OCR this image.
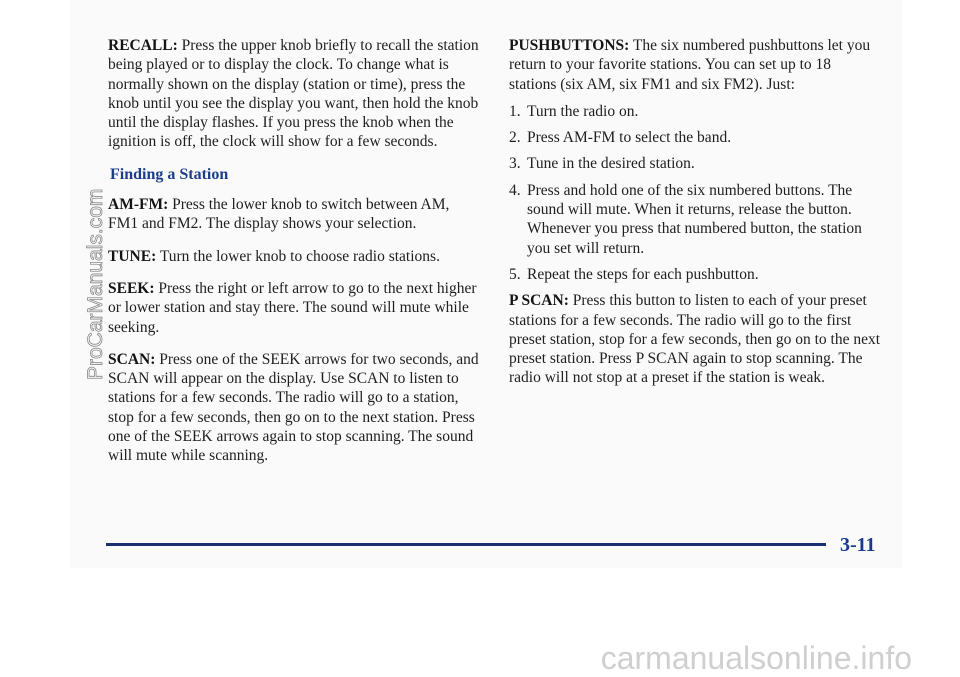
RECALL: Press the upper knob briefly to recall the station being played or to display the clock. To change what is normally shown on the display (station or time), press the knob until you see the display you want, then hold the knob until the display flashes. If you press the knob when the ignition is off, the clock will show for a few seconds.

Finding a Station

AM-FM: Press the lower knob to switch between AM, FM1 and FM2. The display shows your selection.

TUNE: Turn the lower knob to choose radio stations.

SEEK: Press the right or left arrow to go to the next higher or lower station and stay there. The sound will mute while seeking.

SCAN: Press one of the SEEK arrows for two seconds, and SCAN will appear on the display. Use SCAN to listen to stations for a few seconds. The radio will go to a station, stop for a few seconds, then go on to the next station. Press one of the SEEK arrows again to stop scanning. The sound will mute while scanning.

PUSHBUTTONS: The six numbered pushbuttons let you return to your favorite stations. You can set up to 18 stations (six AM, six FM1 and six FM2). Just:

1. Turn the radio on.
2. Press AM-FM to select the band.
3. Tune in the desired station.
4. Press and hold one of the six numbered buttons. The sound will mute. When it returns, release the button. Whenever you press that numbered button, the station you set will return.
5. Repeat the steps for each pushbutton.

P SCAN: Press this button to listen to each of your preset stations for a few seconds. The radio will go to the first preset station, stop for a few seconds, then go on to the next preset station. Press P SCAN again to stop scanning. The radio will not stop at a preset if the station is weak.

3-11
ProCarManuals.com
carmanualsonline.info
